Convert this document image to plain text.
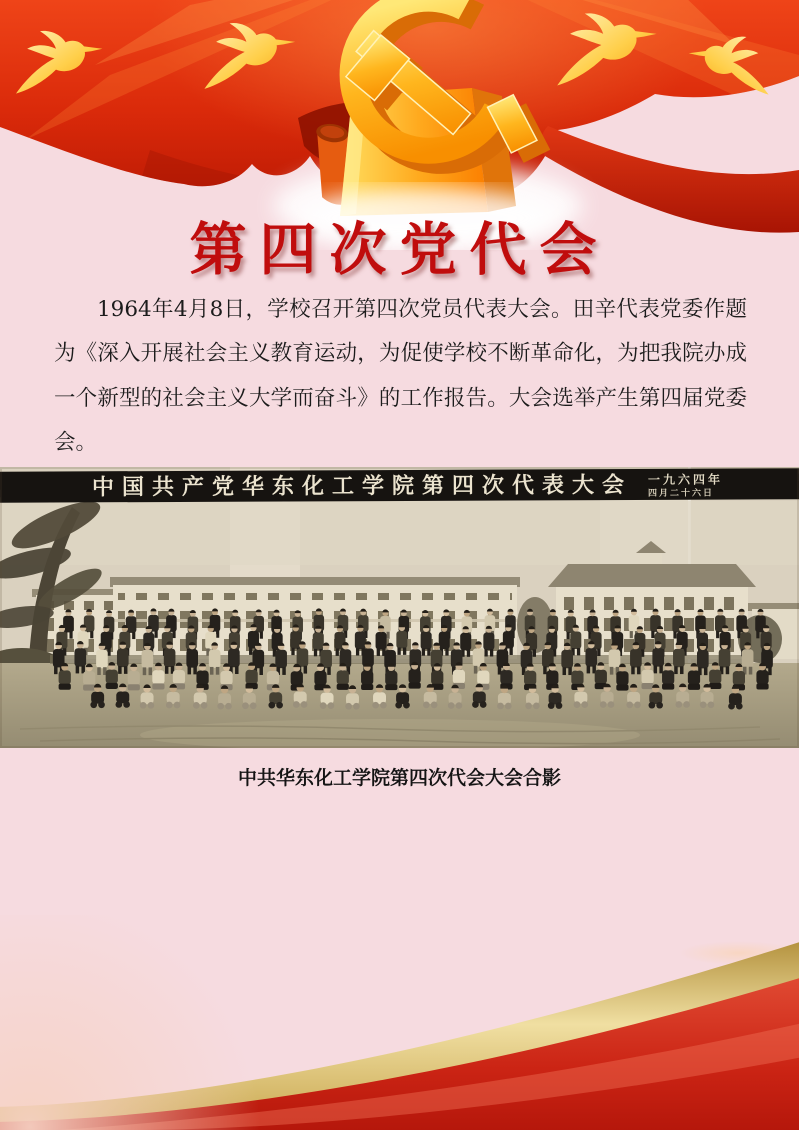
第四次党代会

1964年4月8日，学校召开第四次党员代表大会。田辛代表党委作题为《深入开展社会主义教育运动，为促使学校不断革命化，为把我院办成一个新型的社会主义大学而奋斗》的工作报告。大会选举产生第四届党委会。

中国共产党华东化工学院第四次代表大会 一九六四年
四月二十六日
中共华东化工学院第四次代会大会合影
